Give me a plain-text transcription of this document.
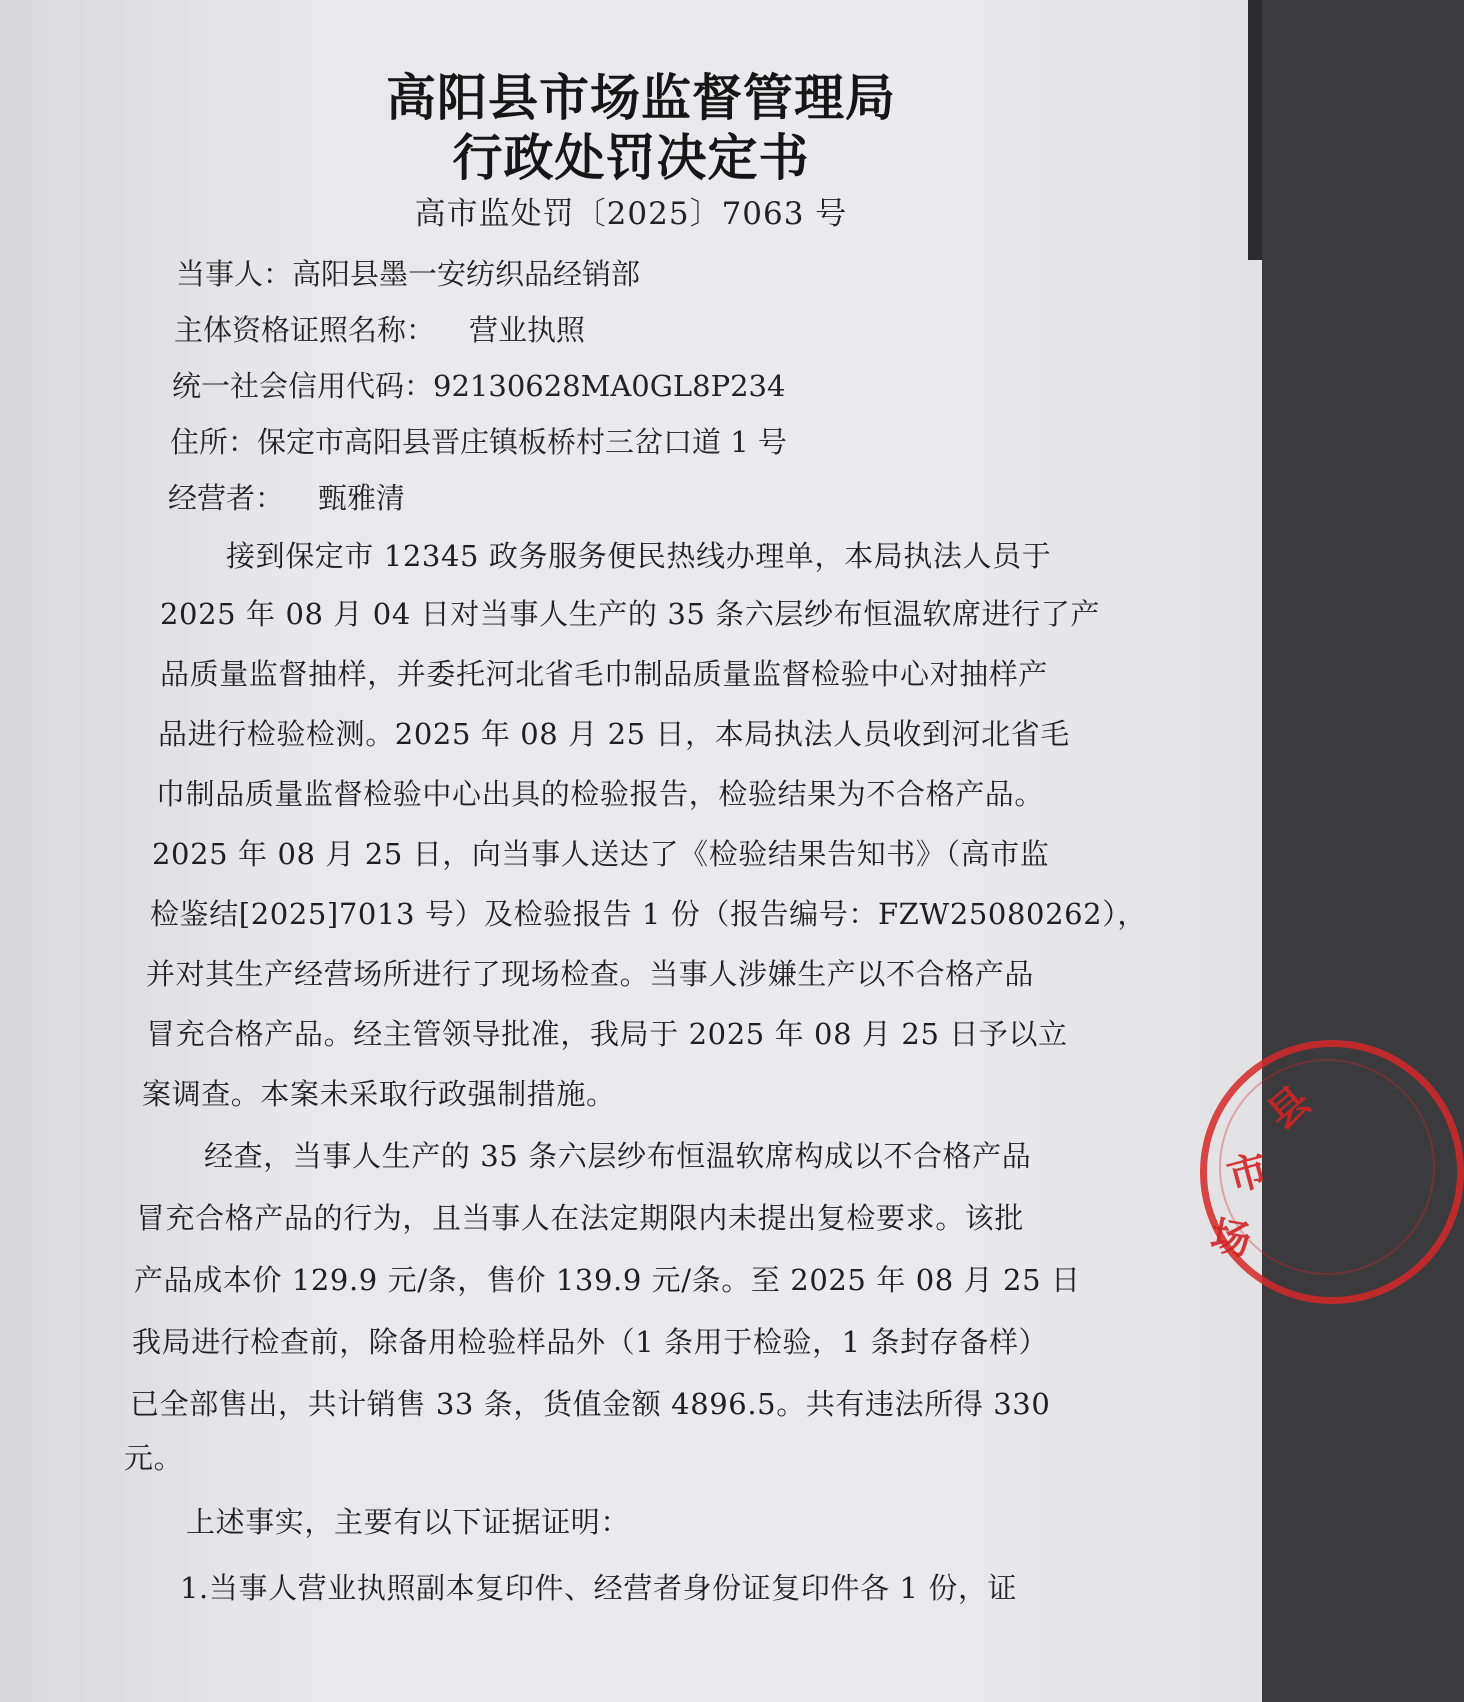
高阳县市场监督管理局
行政处罚决定书
高市监处罚〔2025〕7063 号
当事人：高阳县墨一安纺织品经销部
主体资格证照名称： 营业执照
统一社会信用代码：92130628MA0GL8P234
住所：保定市高阳县晋庄镇板桥村三岔口道 1 号
经营者： 甄雅清
接到保定市 12345 政务服务便民热线办理单，本局执法人员于
2025 年 08 月 04 日对当事人生产的 35 条六层纱布恒温软席进行了产
品质量监督抽样，并委托河北省毛巾制品质量监督检验中心对抽样产
品进行检验检测。2025 年 08 月 25 日，本局执法人员收到河北省毛
巾制品质量监督检验中心出具的检验报告，检验结果为不合格产品。
2025 年 08 月 25 日，向当事人送达了《检验结果告知书》（高市监
检鉴结[2025]7013 号）及检验报告 1 份（报告编号：FZW25080262），
并对其生产经营场所进行了现场检查。当事人涉嫌生产以不合格产品
冒充合格产品。经主管领导批准，我局于 2025 年 08 月 25 日予以立
案调查。本案未采取行政强制措施。
经查，当事人生产的 35 条六层纱布恒温软席构成以不合格产品
冒充合格产品的行为，且当事人在法定期限内未提出复检要求。该批
产品成本价 129.9 元/条，售价 139.9 元/条。至 2025 年 08 月 25 日
我局进行检查前，除备用检验样品外（1 条用于检验，1 条封存备样）
已全部售出，共计销售 33 条，货值金额 4896.5。共有违法所得 330
元。
上述事实，主要有以下证据证明：
1.当事人营业执照副本复印件、经营者身份证复印件各 1 份，证
县
市
场
